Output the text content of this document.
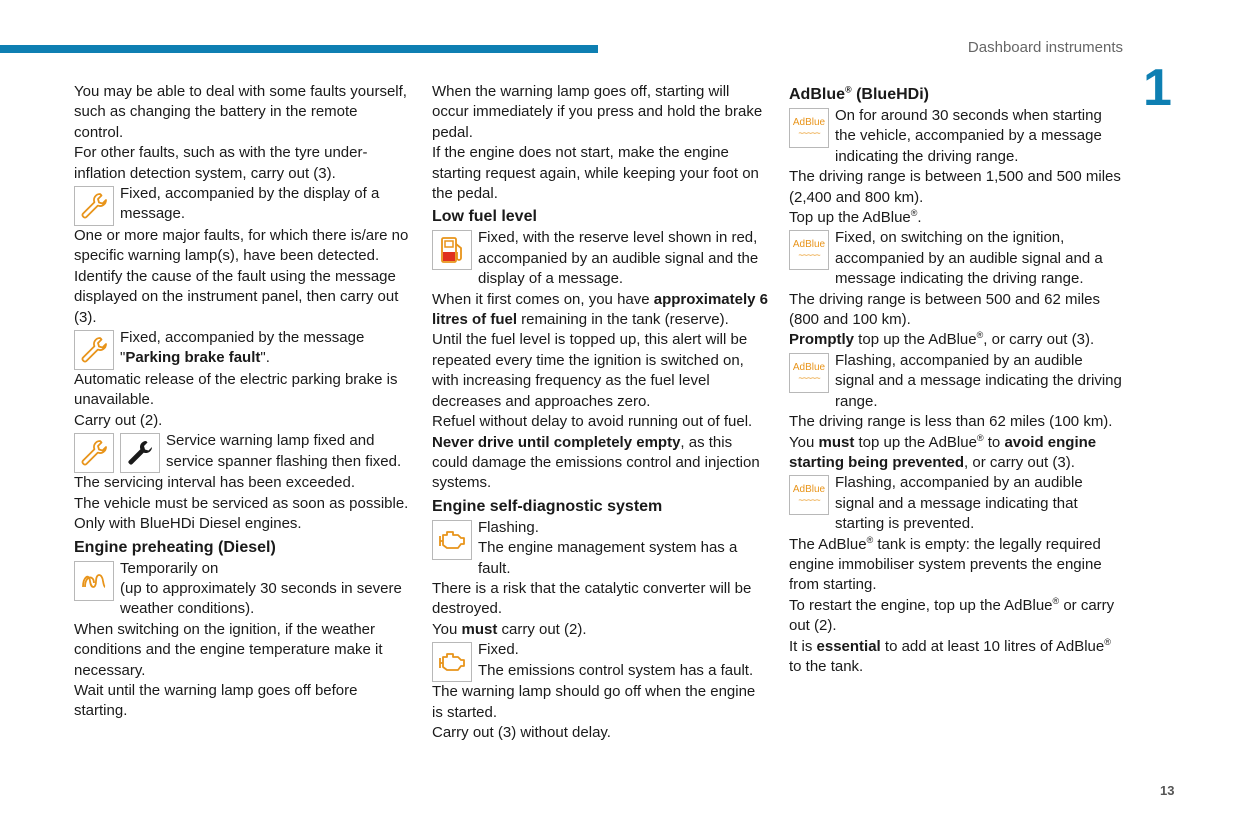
Dashboard instruments
1
13

You may be able to deal with some faults yourself, such as changing the battery in the remote control.

For other faults, such as with the tyre under-inflation detection system, carry out (3).

Fixed, accompanied by the display of a message.

One or more major faults, for which there is/are no specific warning lamp(s), have been detected.

Identify the cause of the fault using the message displayed on the instrument panel, then carry out (3).

Fixed, accompanied by the message "Parking brake fault".

Automatic release of the electric parking brake is unavailable.

Carry out (2).

Service warning lamp fixed and service spanner flashing then fixed.

The servicing interval has been exceeded.

The vehicle must be serviced as soon as possible.

Only with BlueHDi Diesel engines.

Engine preheating (Diesel)
Temporarily on
(up to approximately 30 seconds in severe weather conditions).

When switching on the ignition, if the weather conditions and the engine temperature make it necessary.

Wait until the warning lamp goes off before starting.

When the warning lamp goes off, starting will occur immediately if you press and hold the brake pedal.

If the engine does not start, make the engine starting request again, while keeping your foot on the pedal.

Low fuel level
Fixed, with the reserve level shown in red, accompanied by an audible signal and the display of a message.

When it first comes on, you have approximately 6 litres of fuel remaining in the tank (reserve).

Until the fuel level is topped up, this alert will be repeated every time the ignition is switched on, with increasing frequency as the fuel level decreases and approaches zero.

Refuel without delay to avoid running out of fuel.

Never drive until completely empty, as this could damage the emissions control and injection systems.

Engine self-diagnostic system
Flashing.
The engine management system has a fault.

There is a risk that the catalytic converter will be destroyed.

You must carry out (2).

Fixed.
The emissions control system has a fault.

The warning lamp should go off when the engine is started.

Carry out (3) without delay.

AdBlue® (BlueHDi)
AdBlue
~~~~~
On for around 30 seconds when starting the vehicle, accompanied by a message indicating the driving range.

The driving range is between 1,500 and 500 miles (2,400 and 800 km).

Top up the AdBlue®.

AdBlue
~~~~~
Fixed, on switching on the ignition, accompanied by an audible signal and a message indicating the driving range.

The driving range is between 500 and 62 miles (800 and 100 km).

Promptly top up the AdBlue®, or carry out (3).

AdBlue
~~~~~
Flashing, accompanied by an audible signal and a message indicating the driving range.

The driving range is less than 62 miles (100 km).

You must top up the AdBlue® to avoid engine starting being prevented, or carry out (3).

AdBlue
~~~~~
Flashing, accompanied by an audible signal and a message indicating that starting is prevented.

The AdBlue® tank is empty: the legally required engine immobiliser system prevents the engine from starting.

To restart the engine, top up the AdBlue® or carry out (2).

It is essential to add at least 10 litres of AdBlue® to the tank.
